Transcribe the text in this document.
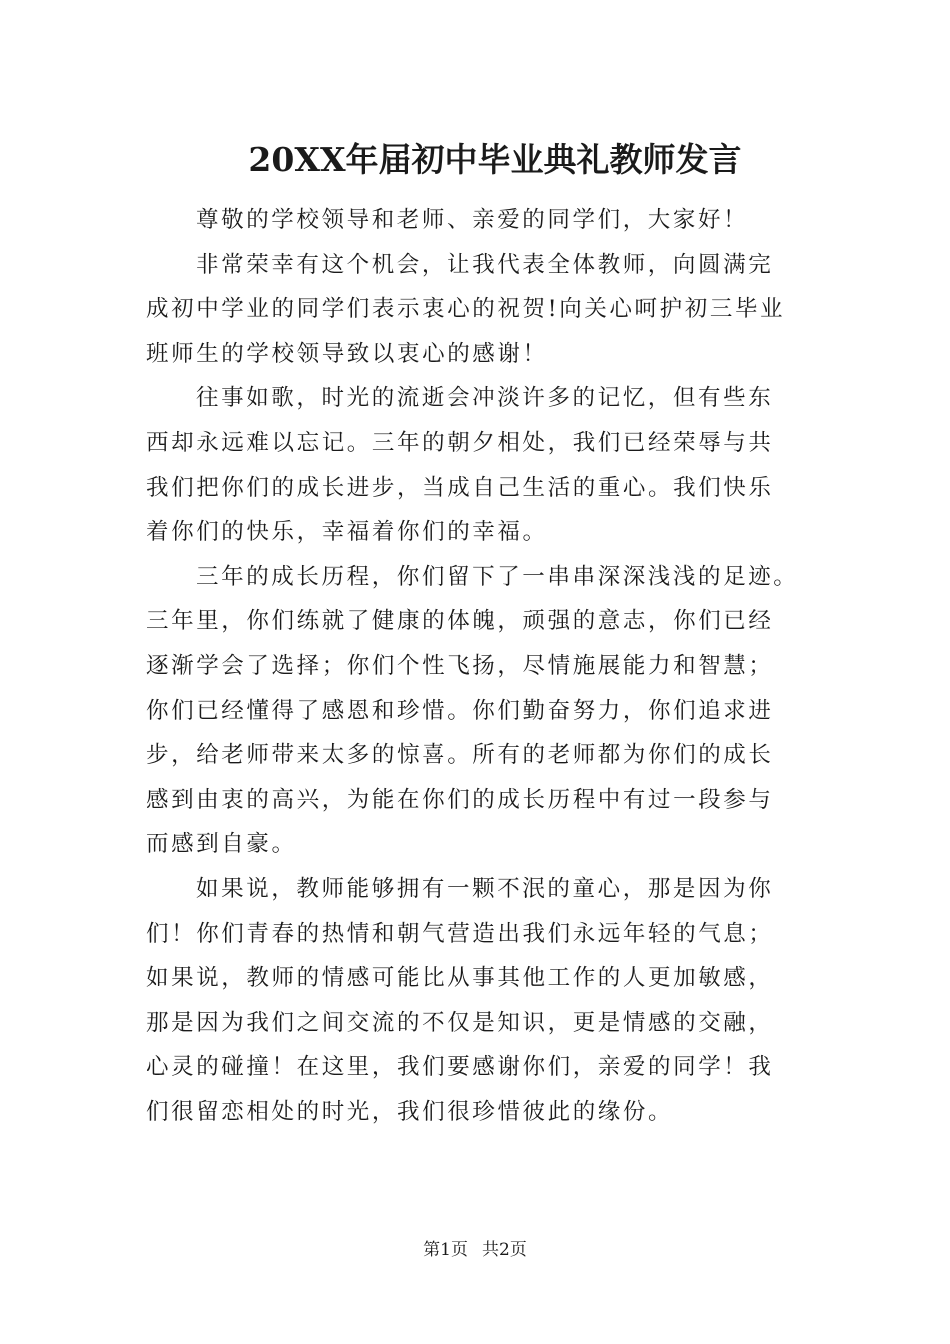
20XX年届初中毕业典礼教师发言

尊敬的学校领导和老师、亲爱的同学们，大家好！

非常荣幸有这个机会，让我代表全体教师，向圆满完
成初中学业的同学们表示衷心的祝贺!向关心呵护初三毕业
班师生的学校领导致以衷心的感谢！

往事如歌，时光的流逝会冲淡许多的记忆，但有些东
西却永远难以忘记。三年的朝夕相处，我们已经荣辱与共
我们把你们的成长进步，当成自己生活的重心。我们快乐
着你们的快乐，幸福着你们的幸福。

三年的成长历程，你们留下了一串串深深浅浅的足迹。
三年里，你们练就了健康的体魄，顽强的意志，你们已经
逐渐学会了选择；你们个性飞扬，尽情施展能力和智慧；
你们已经懂得了感恩和珍惜。你们勤奋努力，你们追求进
步，给老师带来太多的惊喜。所有的老师都为你们的成长
感到由衷的高兴，为能在你们的成长历程中有过一段参与
而感到自豪。

如果说，教师能够拥有一颗不泯的童心，那是因为你
们！你们青春的热情和朝气营造出我们永远年轻的气息；
如果说，教师的情感可能比从事其他工作的人更加敏感，
那是因为我们之间交流的不仅是知识，更是情感的交融，
心灵的碰撞！在这里，我们要感谢你们，亲爱的同学！我
们很留恋相处的时光，我们很珍惜彼此的缘份。

第1页 共2页
